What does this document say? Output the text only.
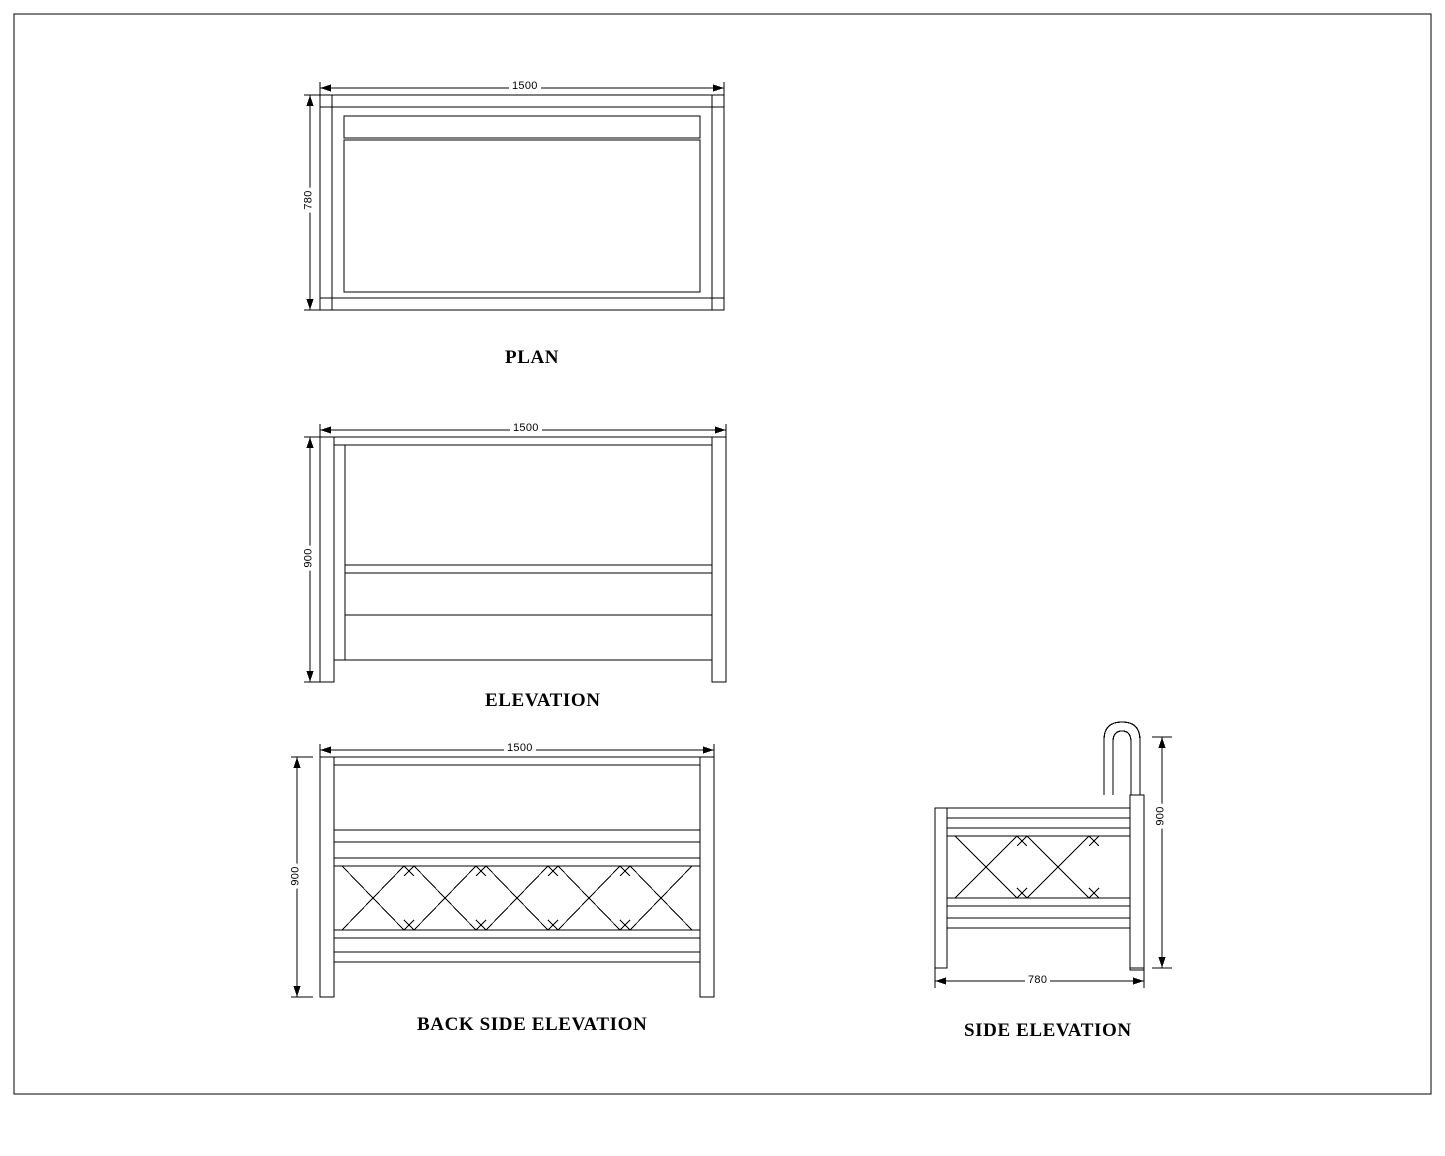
1500
780
1500
900
1500
900
780
900
PLAN
ELEVATION
BACK SIDE ELEVATION	SIDE ELEVATION
